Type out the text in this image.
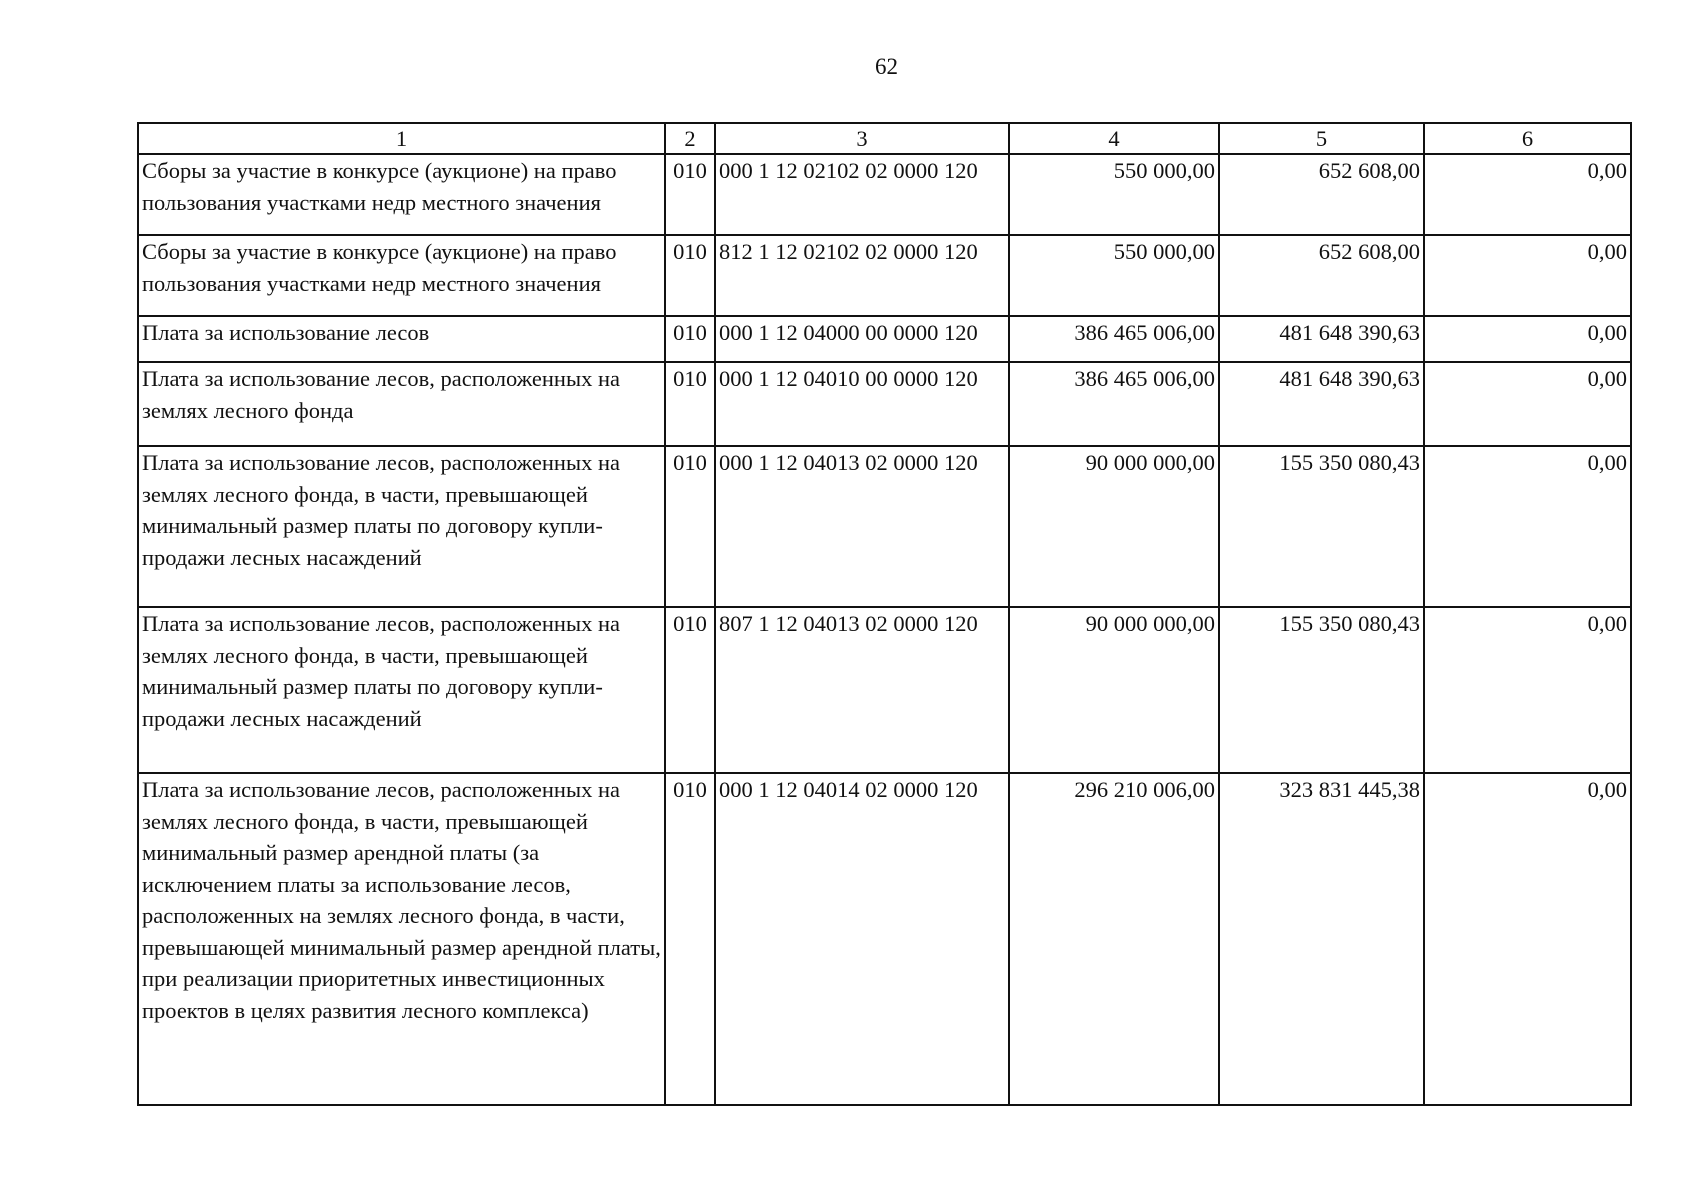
62
1	2	3	4	5	6
Сборы за участие в конкурсе (аукционе) на право пользования участками недр местного значения	010	000 1 12 02102 02 0000 120	550 000,00	652 608,00	0,00
Сборы за участие в конкурсе (аукционе) на право пользования участками недр местного значения	010	812 1 12 02102 02 0000 120	550 000,00	652 608,00	0,00
Плата за использование лесов	010	000 1 12 04000 00 0000 120	386 465 006,00	481 648 390,63	0,00
Плата за использование лесов, расположенных на землях лесного фонда	010	000 1 12 04010 00 0000 120	386 465 006,00	481 648 390,63	0,00
Плата за использование лесов, расположенных на землях лесного фонда, в части, превышающей минимальный размер платы по договору купли-продажи лесных насаждений	010	000 1 12 04013 02 0000 120	90 000 000,00	155 350 080,43	0,00
Плата за использование лесов, расположенных на землях лесного фонда, в части, превышающей минимальный размер платы по договору купли-продажи лесных насаждений	010	807 1 12 04013 02 0000 120	90 000 000,00	155 350 080,43	0,00
Плата за использование лесов, расположенных на землях лесного фонда, в части, превышающей минимальный размер арендной платы (за исключением платы за использование лесов, расположенных на землях лесного фонда, в части, превышающей минимальный размер арендной платы, при реализации приоритетных инвестиционных проектов в целях развития лесного комплекса)	010	000 1 12 04014 02 0000 120	296 210 006,00	323 831 445,38	0,00
